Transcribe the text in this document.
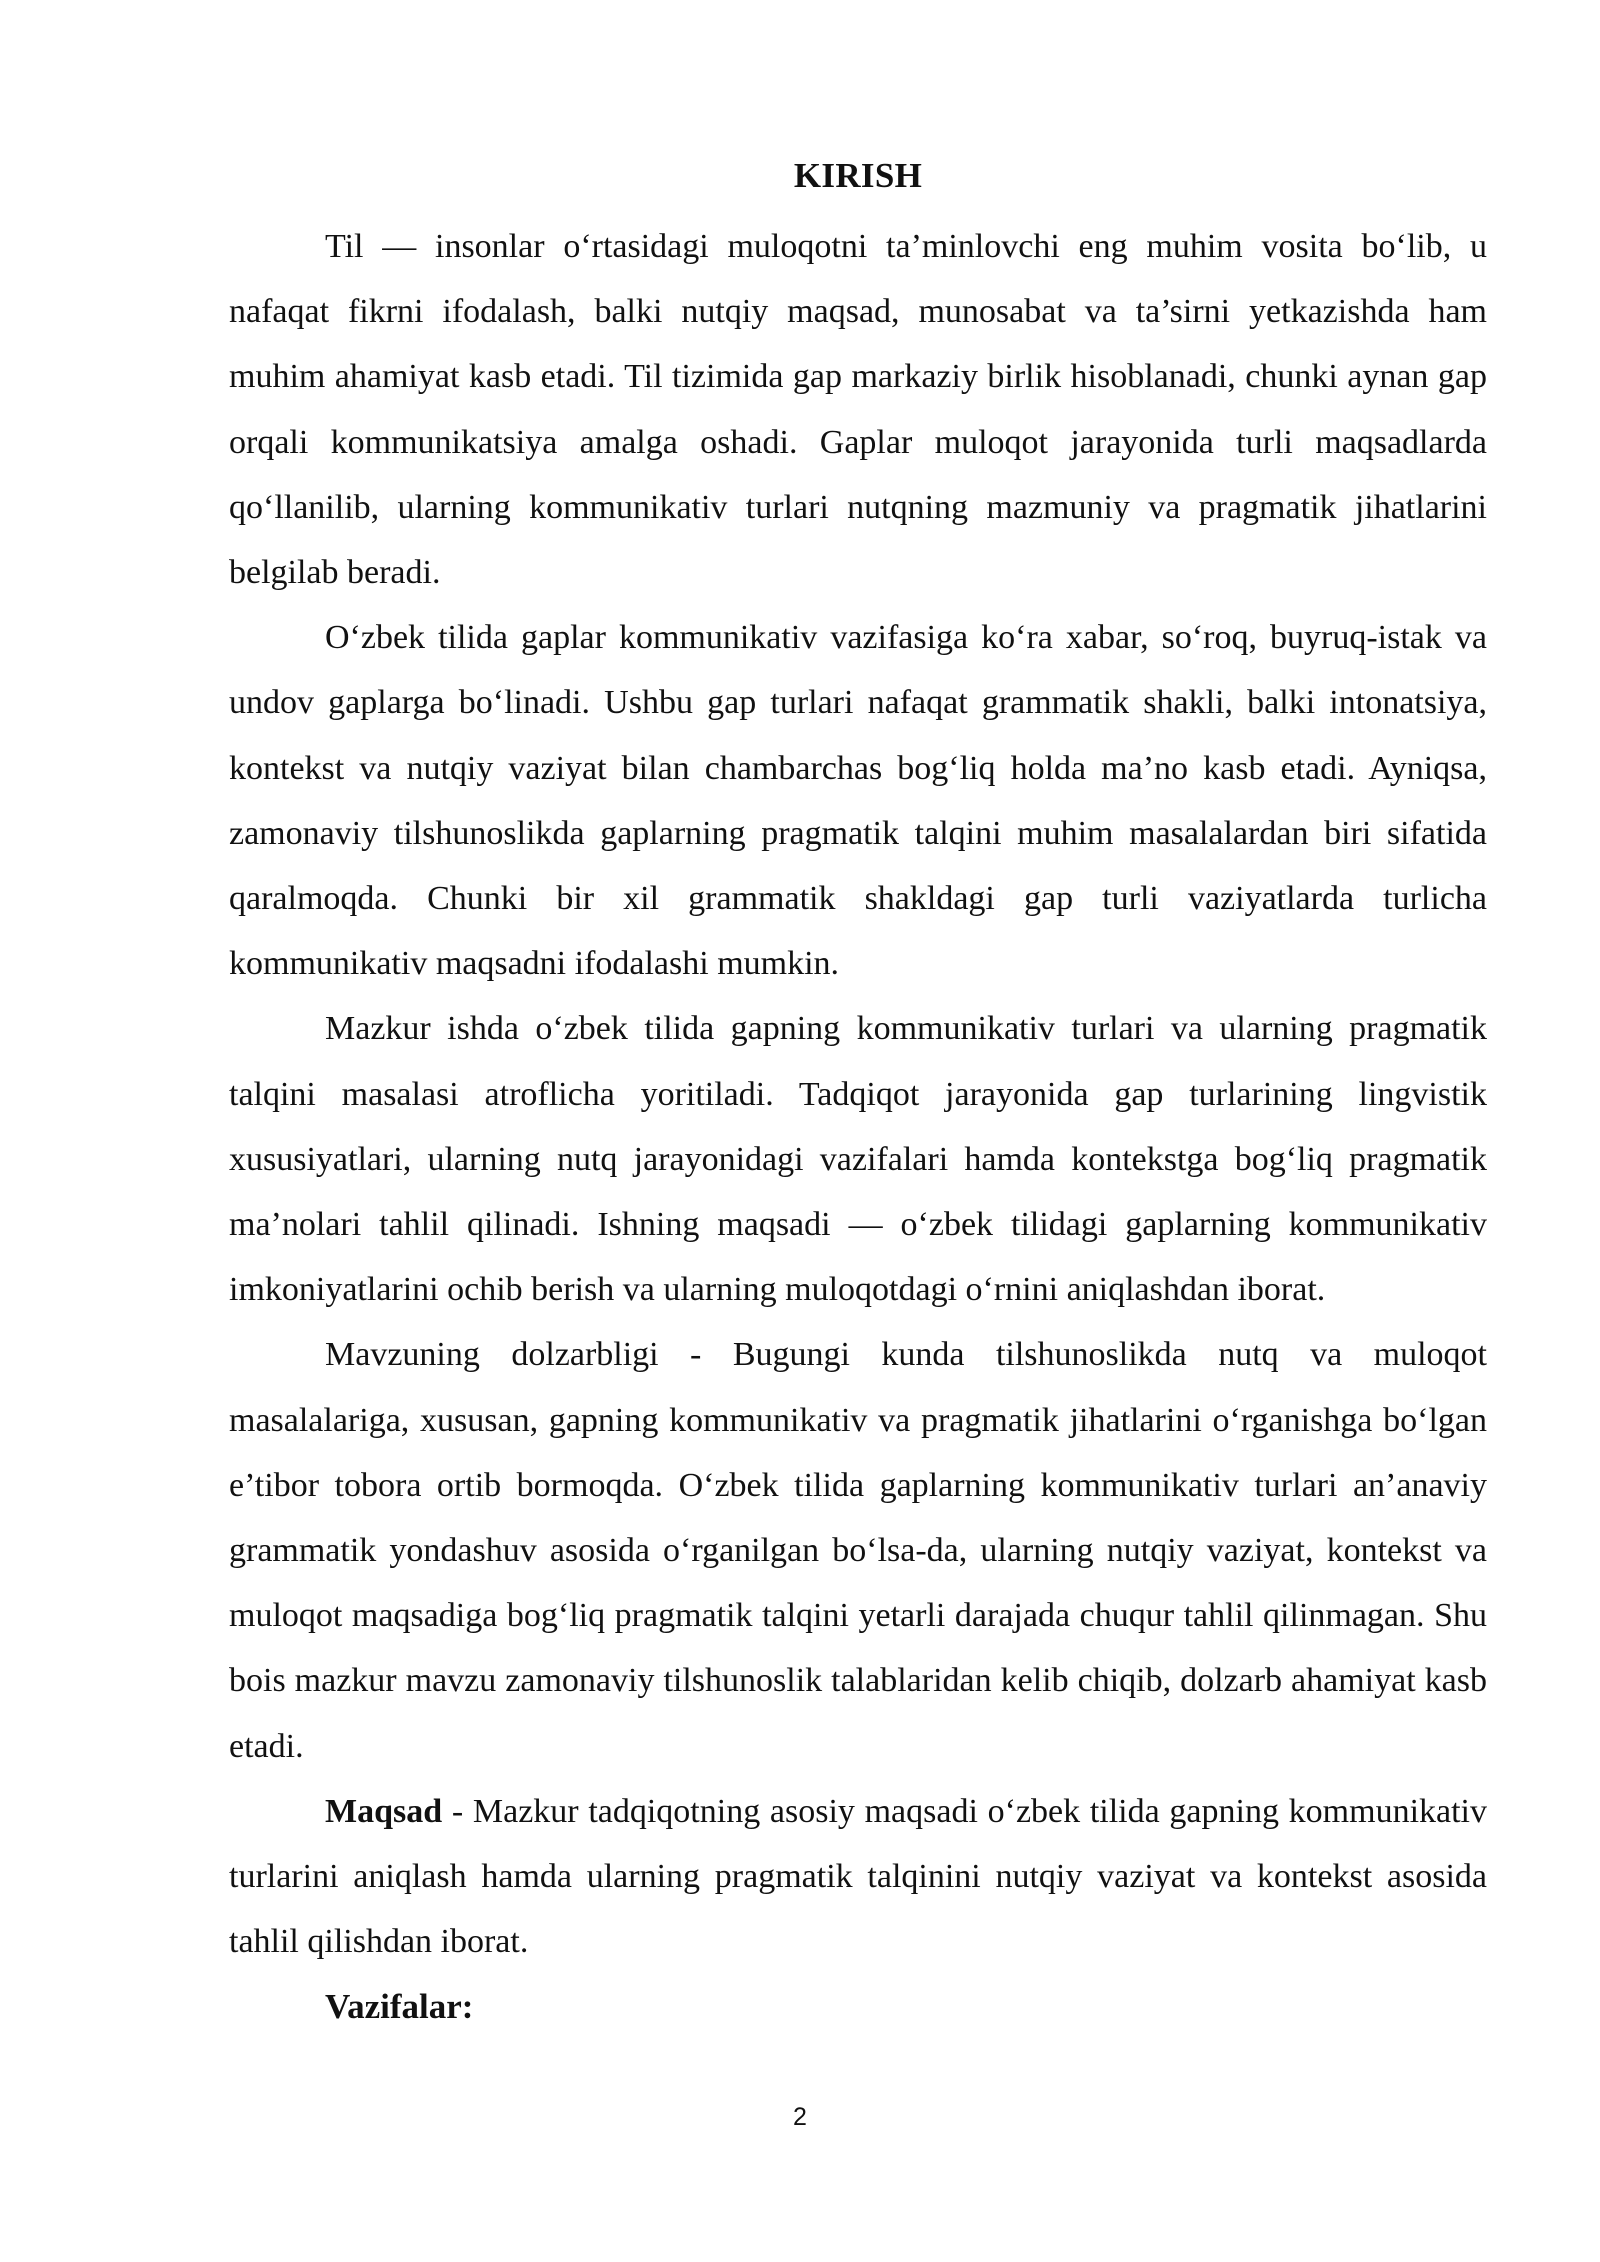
KIRISH

Til — insonlar o‘rtasidagi muloqotni ta’minlovchi eng muhim vosita bo‘lib, u nafaqat fikrni ifodalash, balki nutqiy maqsad, munosabat va ta’sirni yetkazishda ham muhim ahamiyat kasb etadi. Til tizimida gap markaziy birlik hisoblanadi, chunki aynan gap orqali kommunikatsiya amalga oshadi. Gaplar muloqot jarayonida turli maqsadlarda qo‘llanilib, ularning kommunikativ turlari nutqning mazmuniy va pragmatik jihatlarini belgilab beradi.

O‘zbek tilida gaplar kommunikativ vazifasiga ko‘ra xabar, so‘roq, buyruq-istak va undov gaplarga bo‘linadi. Ushbu gap turlari nafaqat grammatik shakli, balki intonatsiya, kontekst va nutqiy vaziyat bilan chambarchas bog‘liq holda ma’no kasb etadi. Ayniqsa, zamonaviy tilshunoslikda gaplarning pragmatik talqini muhim masalalardan biri sifatida qaralmoqda. Chunki bir xil grammatik shakldagi gap turli vaziyatlarda turlicha kommunikativ maqsadni ifodalashi mumkin.

Mazkur ishda o‘zbek tilida gapning kommunikativ turlari va ularning pragmatik talqini masalasi atroflicha yoritiladi. Tadqiqot jarayonida gap turlarining lingvistik xususiyatlari, ularning nutq jarayonidagi vazifalari hamda kontekstga bog‘liq pragmatik ma’nolari tahlil qilinadi. Ishning maqsadi — o‘zbek tilidagi gaplarning kommunikativ imkoniyatlarini ochib berish va ularning muloqotdagi o‘rnini aniqlashdan iborat.

Mavzuning dolzarbligi - Bugungi kunda tilshunoslikda nutq va muloqot masalalariga, xususan, gapning kommunikativ va pragmatik jihatlarini o‘rganishga bo‘lgan e’tibor tobora ortib bormoqda. O‘zbek tilida gaplarning kommunikativ turlari an’anaviy grammatik yondashuv asosida o‘rganilgan bo‘lsa-da, ularning nutqiy vaziyat, kontekst va muloqot maqsadiga bog‘liq pragmatik talqini yetarli darajada chuqur tahlil qilinmagan. Shu bois mazkur mavzu zamonaviy tilshunoslik talablaridan kelib chiqib, dolzarb ahamiyat kasb etadi.

Maqsad - Mazkur tadqiqotning asosiy maqsadi o‘zbek tilida gapning kommunikativ turlarini aniqlash hamda ularning pragmatik talqinini nutqiy vaziyat va kontekst asosida tahlil qilishdan iborat.

Vazifalar:

2
